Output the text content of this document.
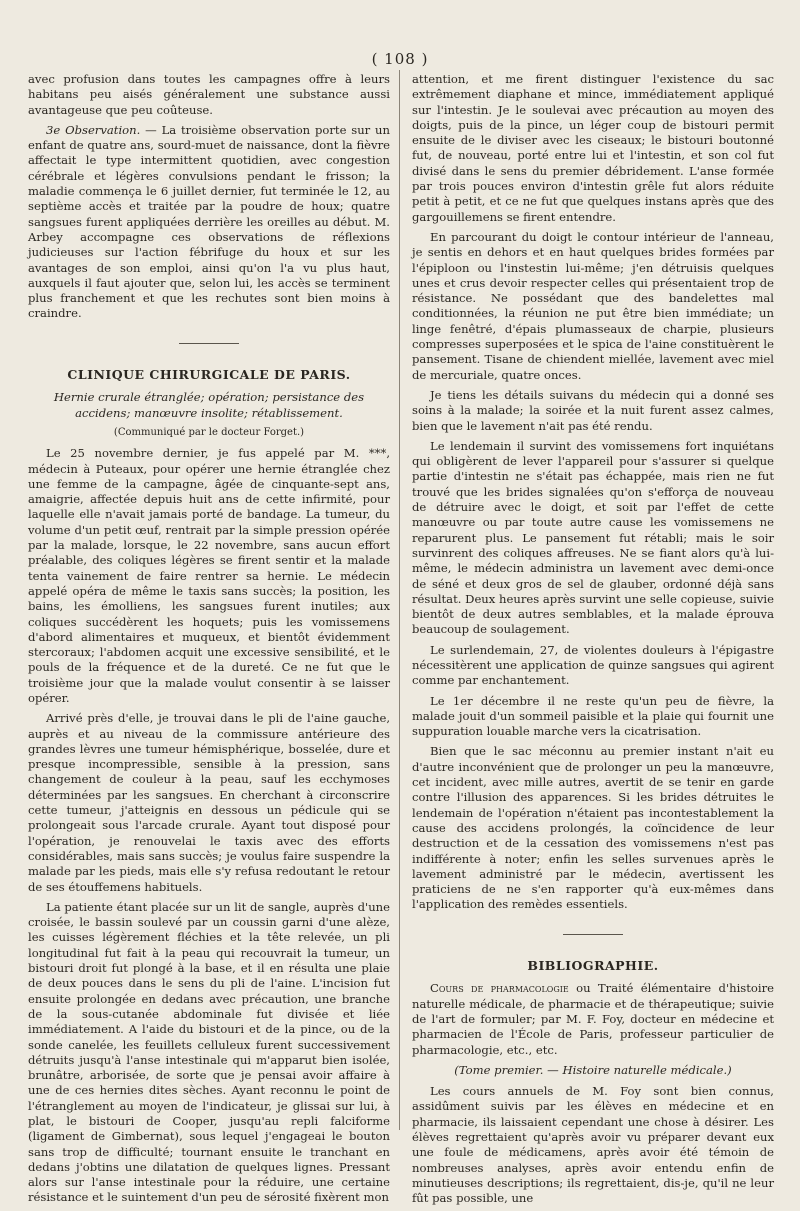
( 108 )

avec profusion dans toutes les campagnes offre à leurs habitans peu aisés généralement une substance aussi avantageuse que peu coûteuse.

3e Observation. — La troisième observation porte sur un enfant de quatre ans, sourd-muet de naissance, dont la fièvre affectait le type intermittent quotidien, avec congestion cérébrale et légères convulsions pendant le frisson; la maladie commença le 6 juillet dernier, fut terminée le 12, au septième accès et traitée par la poudre de houx; quatre sangsues furent appliquées derrière les oreilles au début. M. Arbey accompagne ces observations de réflexions judicieuses sur l'action fébrifuge du houx et sur les avantages de son emploi, ainsi qu'on l'a vu plus haut, auxquels il faut ajouter que, selon lui, les accès se terminent plus franchement et que les rechutes sont bien moins à craindre.

CLINIQUE CHIRURGICALE DE PARIS.
Hernie crurale étranglée; opération; persistance des accidens; manœuvre insolite; rétablissement.
(Communiqué par le docteur Forget.)

Le 25 novembre dernier, je fus appelé par M. ***, médecin à Puteaux, pour opérer une hernie étranglée chez une femme de la campagne, âgée de cinquante-sept ans, amaigrie, affectée depuis huit ans de cette infirmité, pour laquelle elle n'avait jamais porté de bandage. La tumeur, du volume d'un petit œuf, rentrait par la simple pression opérée par la malade, lorsque, le 22 novembre, sans aucun effort préalable, des coliques légères se firent sentir et la malade tenta vainement de faire rentrer sa hernie. Le médecin appelé opéra de même le taxis sans succès; la position, les bains, les émolliens, les sangsues furent inutiles; aux coliques succédèrent les hoquets; puis les vomissemens d'abord alimentaires et muqueux, et bientôt évidemment stercoraux; l'abdomen acquit une excessive sensibilité, et le pouls de la fréquence et de la dureté. Ce ne fut que le troisième jour que la malade voulut consentir à se laisser opérer.

Arrivé près d'elle, je trouvai dans le pli de l'aine gauche, auprès et au niveau de la commissure antérieure des grandes lèvres une tumeur hémisphérique, bosselée, dure et presque incompressible, sensible à la pression, sans changement de couleur à la peau, sauf les ecchymoses déterminées par les sangsues. En cherchant à circonscrire cette tumeur, j'atteignis en dessous un pédicule qui se prolongeait sous l'arcade crurale. Ayant tout disposé pour l'opération, je renouvelai le taxis avec des efforts considérables, mais sans succès; je voulus faire suspendre la malade par les pieds, mais elle s'y refusa redoutant le retour de ses étouffemens habituels.

La patiente étant placée sur un lit de sangle, auprès d'une croisée, le bassin soulevé par un coussin garni d'une alèze, les cuisses légèrement fléchies et la tête relevée, un pli longitudinal fut fait à la peau qui recouvrait la tumeur, un bistouri droit fut plongé à la base, et il en résulta une plaie de deux pouces dans le sens du pli de l'aine. L'incision fut ensuite prolongée en dedans avec précaution, une branche de la sous-cutanée abdominale fut divisée et liée immédiatement. A l'aide du bistouri et de la pince, ou de la sonde canelée, les feuillets celluleux furent successivement détruits jusqu'à l'anse intestinale qui m'apparut bien isolée, brunâtre, arborisée, de sorte que je pensai avoir affaire à une de ces hernies dites sèches. Ayant reconnu le point de l'étranglement au moyen de l'indicateur, je glissai sur lui, à plat, le bistouri de Cooper, jusqu'au repli falciforme (ligament de Gimbernat), sous lequel j'engageai le bouton sans trop de difficulté; tournant ensuite le tranchant en dedans j'obtins une dilatation de quelques lignes. Pressant alors sur l'anse intestinale pour la réduire, une certaine résistance et le suintement d'un peu de sérosité fixèrent mon

attention, et me firent distinguer l'existence du sac extrêmement diaphane et mince, immédiatement appliqué sur l'intestin. Je le soulevai avec précaution au moyen des doigts, puis de la pince, un léger coup de bistouri permit ensuite de le diviser avec les ciseaux; le bistouri boutonné fut, de nouveau, porté entre lui et l'intestin, et son col fut divisé dans le sens du premier débridement. L'anse formée par trois pouces environ d'intestin grêle fut alors réduite petit à petit, et ce ne fut que quelques instans après que des gargouillemens se firent entendre.

En parcourant du doigt le contour intérieur de l'anneau, je sentis en dehors et en haut quelques brides formées par l'épiploon ou l'instestin lui-même; j'en détruisis quelques unes et crus devoir respecter celles qui présentaient trop de résistance. Ne possédant que des bandelettes mal conditionnées, la réunion ne put être bien immédiate; un linge fenêtré, d'épais plumasseaux de charpie, plusieurs compresses superposées et le spica de l'aine constituèrent le pansement. Tisane de chiendent miellée, lavement avec miel de mercuriale, quatre onces.

Je tiens les détails suivans du médecin qui a donné ses soins à la malade; la soirée et la nuit furent assez calmes, bien que le lavement n'ait pas été rendu.

Le lendemain il survint des vomissemens fort inquiétans qui obligèrent de lever l'appareil pour s'assurer si quelque partie d'intestin ne s'était pas échappée, mais rien ne fut trouvé que les brides signalées qu'on s'efforça de nouveau de détruire avec le doigt, et soit par l'effet de cette manœuvre ou par toute autre cause les vomissemens ne reparurent plus. Le pansement fut rétabli; mais le soir survinrent des coliques affreuses. Ne se fiant alors qu'à lui-même, le médecin administra un lavement avec demi-once de séné et deux gros de sel de glauber, ordonné déjà sans résultat. Deux heures après survint une selle copieuse, suivie bientôt de deux autres semblables, et la malade éprouva beaucoup de soulagement.

Le surlendemain, 27, de violentes douleurs à l'épigastre nécessitèrent une application de quinze sangsues qui agirent comme par enchantement.

Le 1er décembre il ne reste qu'un peu de fièvre, la malade jouit d'un sommeil paisible et la plaie qui fournit une suppuration louable marche vers la cicatrisation.

Bien que le sac méconnu au premier instant n'ait eu d'autre inconvénient que de prolonger un peu la manœuvre, cet incident, avec mille autres, avertit de se tenir en garde contre l'illusion des apparences. Si les brides détruites le lendemain de l'opération n'étaient pas incontestablement la cause des accidens prolongés, la coïncidence de leur destruction et de la cessation des vomissemens n'est pas indifférente à noter; enfin les selles survenues après le lavement administré par le médecin, avertissent les praticiens de ne s'en rapporter qu'à eux-mêmes dans l'application des remèdes essentiels.

BIBLIOGRAPHIE.

Cours de pharmacologie ou Traité élémentaire d'histoire naturelle médicale, de pharmacie et de thérapeutique; suivie de l'art de formuler; par M. F. Foy, docteur en médecine et pharmacien de l'École de Paris, professeur particulier de pharmacologie, etc., etc.

(Tome premier. — Histoire naturelle médicale.)

Les cours annuels de M. Foy sont bien connus, assidûment suivis par les élèves en médecine et en pharmacie, ils laissaient cependant une chose à désirer. Les élèves regrettaient qu'après avoir vu préparer devant eux une foule de médicamens, après avoir été témoin de nombreuses analyses, après avoir entendu enfin de minutieuses descriptions; ils regrettaient, dis-je, qu'il ne leur fût pas possible, une
